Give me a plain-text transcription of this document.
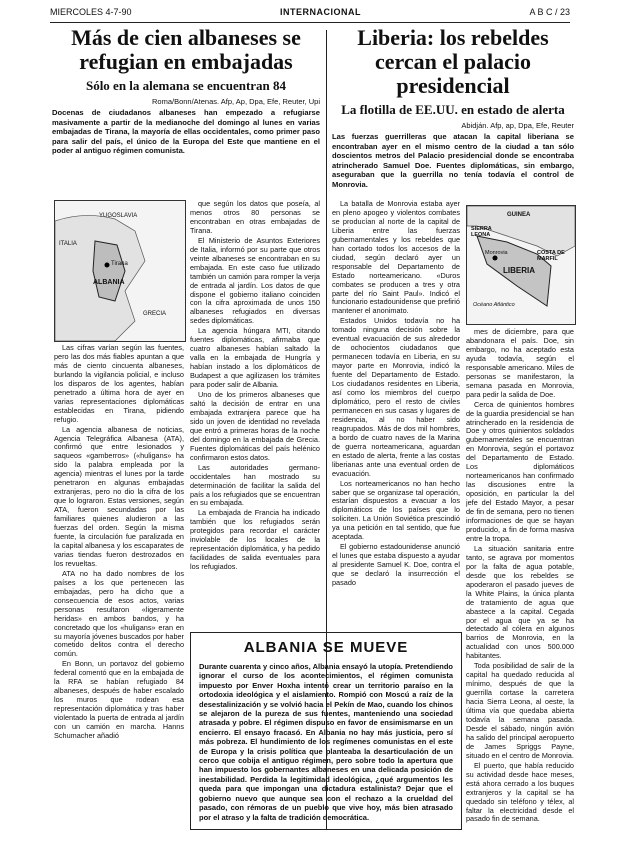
MIERCOLES 4-7-90	INTERNACIONAL	A B C / 23
Más de cien albaneses se refugian en embajadas

Sólo en la alemana se encuentran 84

Roma/Bonn/Atenas. Afp, Ap, Dpa, Efe, Reuter, Upi
Docenas de ciudadanos albaneses han empezado a refugiarse masivamente a partir de la medianoche del domingo al lunes en varias embajadas de Tirana, la mayoría de ellas occidentales, como primer paso para salir del país, el único de la Europa del Este que mantiene en el poder al antiguo régimen comunista.
YUGOSLAVIA
ALBANIA
Tirana
GRECIA
ITALIA

Las cifras varían según las fuentes, pero las dos más fiables apuntan a que más de ciento cincuenta albaneses, burlando la vigilancia policial, e incluso los disparos de los agentes, habían penetrado a última hora de ayer en varias representaciones diplomáticas establecidas en Tirana, pidiendo refugio.

La agencia albanesa de noticias, Agencia Telegráfica Albanesa (ATA), confirmó que entre lesionados y saqueos «gamberros» («huligans» ha sido la palabra empleada por la agencia) mientras el lunes por la tarde penetraron en algunas embajadas extranjeras, pero no dio la cifra de los que lo lograron. Estas versiones, según ATA, fueron secundadas por las familiares quienes aludieron a las fuerzas del orden. Según la misma fuente, la circulación fue paralizada en la capital albanesa y los escaparates de varias tiendas fueron destrozados en los revueltas.

ATA no ha dado nombres de los países a los que pertenecen las embajadas, pero ha dicho que a consecuencia de esos actos, varias personas resultaron «ligeramente heridas» en ambos bandos, y ha concretado que los «huligans» eran en su mayoría jóvenes buscados por haber cometido delitos contra el derecho común.

En Bonn, un portavoz del gobierno federal comentó que en la embajada de la RFA se habían refugiado 84 albaneses, después de haber escalado los muros que rodean esa representación diplomática y tras haber violentado la puerta de entrada al jardín con un camión en marcha. Hanns Schumacher añadió

que según los datos que poseía, al menos otros 80 personas se encontraban en otras embajadas de Tirana.

El Ministerio de Asuntos Exteriores de Italia, informó por su parte que otros veinte albaneses se encontraban en su embajada. En este caso fue utilizado también un camión para romper la verja de entrada al jardín. Los datos de que dispone el gobierno italiano coinciden con la cifra aproximada de unos 150 albaneses refugiados en diversas sedes diplomáticas.

La agencia húngara MTI, citando fuentes diplomáticas, afirmaba que cuatro albaneses habían saltado la valla en la embajada de Hungría y habían instado a los diplomáticos de Budapest a que agilizasen los trámites para poder salir de Albania.

Uno de los primeros albaneses que saltó la decisión de entrar en una embajada extranjera parece que ha sido un joven de identidad no revelada que entró a primeras horas de la noche del domingo en la embajada de Grecia. Fuentes diplomáticas del país helénico confirmaron estos datos.

Las autoridades germano-occidentales han mostrado su determinación de facilitar la salida del país a los refugiados que se encuentran en su embajada.

La embajada de Francia ha indicado también que los refugiados serán protegidos para recordar el carácter inviolable de los locales de la representación diplomática, y ha pedido facilidades de salida eventuales para los refugiados.

Liberia: los rebeldes cercan el palacio presidencial

La flotilla de EE.UU. en estado de alerta

Abidján. Afp, ap, Dpa, Efe, Reuter
Las fuerzas guerrilleras que atacan la capital liberiana se encontraban ayer en el mismo centro de la ciudad a tan sólo doscientos metros del Palacio presidencial donde se encontraba atrincherado Samuel Doe. Fuentes diplomáticas, sin embargo, aseguraban que la guerrilla no tenía todavía el control de Monrovia.
GUINEA
SIERRA LEONA
LIBERIA
COSTA DE MARFIL
Monrovia
Océano Atlántico

La batalla de Monrovia estaba ayer en pleno apogeo y violentos combates se producían al norte de la capital de Liberia entre las fuerzas gubernamentales y los rebeldes que han cortado todos los accesos de la ciudad, según declaró ayer un responsable del Departamento de Estado norteamericano. «Duros combates se producen a tres y otra parte del río Saint Paul». Indicó el funcionario estadounidense que prefirió mantener el anonimato.

Estados Unidos todavía no ha tomado ninguna decisión sobre la eventual evacuación de sus alrededor de ochocientos ciudadanos que permanecen todavía en Liberia, en su mayor parte en Monrovia, indicó la fuente del Departamento de Estado. Los ciudadanos residentes en Liberia, así como los miembros del cuerpo diplomático, pero el resto de civiles permanecen en sus casas y lugares de residencia, al no haber sido reagrupados. Más de dos mil hombres, a bordo de cuatro naves de la Marina de guerra norteamericana, aguardan en estado de alerta, frente a las costas liberianas ante una eventual orden de evacuación.

Los norteamericanos no han hecho saber que se organizase tal operación, estarían dispuestos a evacuar a los diplomáticos de los países que lo soliciten. La Unión Soviética prescindió ya una petición en tal sentido, que fue aceptada.

El gobierno estadounidense anunció el lunes que estaba dispuesto a ayudar al presidente Samuel K. Doe, contra el que se declaró la insurrección el pasado

mes de diciembre, para que abandonara el país. Doe, sin embargo, no ha aceptado esta ayuda todavía, según el responsable americano. Miles de personas se manifestaron, la semana pasada en Monrovia, para pedir la salida de Doe.

Cerca de quinientos hombres de la guardia presidencial se han atrincherado en la residencia de Doe y otros quinientos soldados gubernamentales se encuentran en Monrovia, según el portavoz del Departamento de Estado. Los diplomáticos norteamericanos han confirmado las discusiones entre la oposición, en particular la del jefe del Estado Mayor, a pesar de fin de semana, pero no tienen informaciones de que se hayan producido, a fin de forma masiva entre la tropa.

La situación sanitaria entre tanto, se agrava por momentos por la falta de agua potable, desde que los rebeldes se apoderaron el pasado jueves de la White Plains, la única planta de tratamiento de agua que abastece a la capital. Cegada por el agua que ya se ha detectado al cólera en algunos barrios de Monrovia, en la actualidad con unos 500.000 habitantes.

Toda posibilidad de salir de la capital ha quedado reducida al mínimo, después de que la guerrilla cortase la carretera hacia Sierra Leona, al oeste, la última vía que quedaba abierta todavía la semana pasada. Desde el sábado, ningún avión ha salido del principal aeropuerto de James Spriggs Payne, situado en el centro de Monrovia.

El puerto, que había reducido su actividad desde hace meses, está ahora cerrado a los buques extranjeros y la capital se ha quedado sin teléfono y télex, al faltar la electricidad desde el pasado fin de semana.

ALBANIA SE MUEVE
Durante cuarenta y cinco años, Albania ensayó la utopía. Pretendiendo ignorar el curso de los acontecimientos, el régimen comunista impuesto por Enver Hoxha intentó crear un territorio paraíso en la ortodoxia ideológica y el aislamiento. Rompió con Moscú a raíz de la desestalinización y se volvió hacia el Pekín de Mao, cuando los chinos se alejaron de la pureza de sus fuentes, manteniendo una sociedad atrasada y pobre. El régimen dispuso en favor de ensimismarse en un encierro. El ensayo fracasó. En Albania no hay más justicia, pero sí más pobreza. El hundimiento de los regímenes comunistas en el este de Europa y la crisis política que planteaba la desarticulación de un cerco que cobija el antiguo régimen, pero sobre todo la apertura que han impuesto los gobernantes albaneses en una delicada posición de inestabilidad. Perdida la legitimidad ideológica, ¿qué argumentos les queda para que impongan una dictadura estalinista? Dejar que el gobierno nuevo que aunque sea con el rechazo a la crueldad del pasado, con rémoras de un pueblo que vive hoy, más bien atrasado por el atraso y la falta de tradición democrática.
